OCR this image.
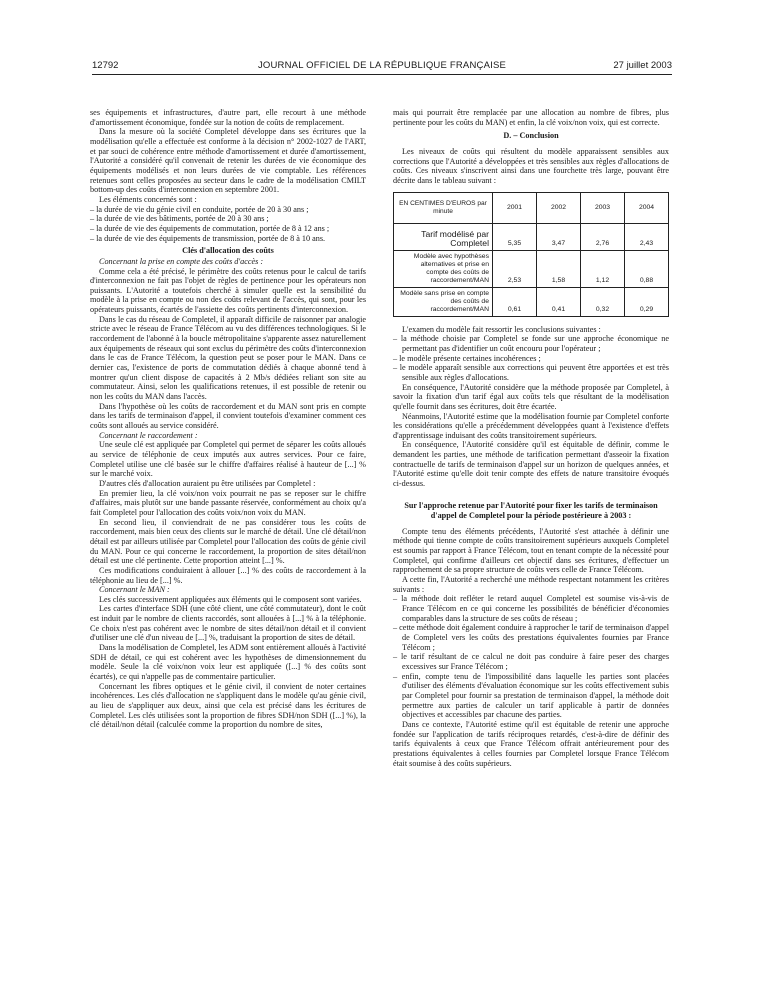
12792	JOURNAL OFFICIEL DE LA RÉPUBLIQUE FRANÇAISE	27 juillet 2003

ses équipements et infrastructures, d'autre part, elle recourt à une méthode d'amortissement économique, fondée sur la notion de coûts de remplacement.

Dans la mesure où la société Completel développe dans ses écritures que la modélisation qu'elle a effectuée est conforme à la décision n° 2002-1027 de l'ART, et par souci de cohérence entre méthode d'amortissement et durée d'amortissement, l'Autorité a considéré qu'il convenait de retenir les durées de vie économique des équipements modélisés et non leurs durées de vie comptable. Les références retenues sont celles proposées au secteur dans le cadre de la modélisation CMILT bottom-up des coûts d'interconnexion en septembre 2001.

Les éléments concernés sont :

– la durée de vie du génie civil en conduite, portée de 20 à 30 ans ;
– la durée de vie des bâtiments, portée de 20 à 30 ans ;
– la durée de vie des équipements de commutation, portée de 8 à 12 ans ;
– la durée de vie des équipements de transmission, portée de 8 à 10 ans.
Clés d'allocation des coûts

Concernant la prise en compte des coûts d'accès :

Comme cela a été précisé, le périmètre des coûts retenus pour le calcul de tarifs d'interconnexion ne fait pas l'objet de règles de pertinence pour les opérateurs non puissants. L'Autorité a toutefois cherché à simuler quelle est la sensibilité du modèle à la prise en compte ou non des coûts relevant de l'accès, qui sont, pour les opérateurs puissants, écartés de l'assiette des coûts pertinents d'interconnexion.

Dans le cas du réseau de Completel, il apparaît difficile de raisonner par analogie stricte avec le réseau de France Télécom au vu des différences technologiques. Si le raccordement de l'abonné à la boucle métropolitaine s'apparente assez naturellement aux équipements de réseaux qui sont exclus du périmètre des coûts d'interconnexion dans le cas de France Télécom, la question peut se poser pour le MAN. Dans ce dernier cas, l'existence de ports de commutation dédiés à chaque abonné tend à montrer qu'un client dispose de capacités à 2 Mb/s dédiées reliant son site au commutateur. Ainsi, selon les qualifications retenues, il est possible de retenir ou non les coûts du MAN dans l'accès.

Dans l'hypothèse où les coûts de raccordement et du MAN sont pris en compte dans les tarifs de terminaison d'appel, il convient toutefois d'examiner comment ces coûts sont alloués au service considéré.

Concernant le raccordement :

Une seule clé est appliquée par Completel qui permet de séparer les coûts alloués au service de téléphonie de ceux imputés aux autres services. Pour ce faire, Completel utilise une clé basée sur le chiffre d'affaires réalisé à hauteur de [...] % sur le marché voix.

D'autres clés d'allocation auraient pu être utilisées par Completel :

En premier lieu, la clé voix/non voix pourrait ne pas se reposer sur le chiffre d'affaires, mais plutôt sur une bande passante réservée, conformément au choix qu'a fait Completel pour l'allocation des coûts voix/non voix du MAN.

En second lieu, il conviendrait de ne pas considérer tous les coûts de raccordement, mais bien ceux des clients sur le marché de détail. Une clé détail/non détail est par ailleurs utilisée par Completel pour l'allocation des coûts de génie civil du MAN. Pour ce qui concerne le raccordement, la proportion de sites détail/non détail est une clé pertinente. Cette proportion atteint [...] %.

Ces modifications conduiraient à allouer [...] % des coûts de raccordement à la téléphonie au lieu de [...] %.

Concernant le MAN :

Les clés successivement appliquées aux éléments qui le composent sont variées.

Les cartes d'interface SDH (une côté client, une côté commutateur), dont le coût est induit par le nombre de clients raccordés, sont allouées à [...] % à la téléphonie. Ce choix n'est pas cohérent avec le nombre de sites détail/non détail et il convient d'utiliser une clé d'un niveau de [...] %, traduisant la proportion de sites de détail.

Dans la modélisation de Completel, les ADM sont entièrement alloués à l'activité SDH de détail, ce qui est cohérent avec les hypothèses de dimensionnement du modèle. Seule la clé voix/non voix leur est appliquée ([...] % des coûts sont écartés), ce qui n'appelle pas de commentaire particulier.

Concernant les fibres optiques et le génie civil, il convient de noter certaines incohérences. Les clés d'allocation ne s'appliquent dans le modèle qu'au génie civil, au lieu de s'appliquer aux deux, ainsi que cela est précisé dans les écritures de Completel. Les clés utilisées sont la proportion de fibres SDH/non SDH ([...] %), la clé détail/non détail (calculée comme la proportion du nombre de sites,

mais qui pourrait être remplacée par une allocation au nombre de fibres, plus pertinente pour les coûts du MAN) et enfin, la clé voix/non voix, qui est correcte.

D. – Conclusion

Les niveaux de coûts qui résultent du modèle apparaissent sensibles aux corrections que l'Autorité a développées et très sensibles aux règles d'allocations de coûts. Ces niveaux s'inscrivent ainsi dans une fourchette très large, pouvant être décrite dans le tableau suivant :

EN CENTIMES D'EUROS par minute	2001	2002	2003	2004
Tarif modélisé par Completel	5,35	3,47	2,76	2,43
Modèle avec hypothèses alternatives et prise en compte des coûts de raccordement/MAN	2,53	1,58	1,12	0,88
Modèle sans prise en compte des coûts de raccordement/MAN	0,61	0,41	0,32	0,29

L'examen du modèle fait ressortir les conclusions suivantes :

– la méthode choisie par Completel se fonde sur une approche économique ne permettant pas d'identifier un coût encouru pour l'opérateur ;
– le modèle présente certaines incohérences ;
– le modèle apparaît sensible aux corrections qui peuvent être apportées et est très sensible aux règles d'allocations.

En conséquence, l'Autorité considère que la méthode proposée par Completel, à savoir la fixation d'un tarif égal aux coûts tels que résultant de la modélisation qu'elle fournit dans ses écritures, doit être écartée.

Néanmoins, l'Autorité estime que la modélisation fournie par Completel conforte les considérations qu'elle a précédemment développées quant à l'existence d'effets d'apprentissage induisant des coûts transitoirement supérieurs.

En conséquence, l'Autorité considère qu'il est équitable de définir, comme le demandent les parties, une méthode de tarification permettant d'asseoir la fixation contractuelle de tarifs de terminaison d'appel sur un horizon de quelques années, et l'Autorité estime qu'elle doit tenir compte des effets de nature transitoire évoqués ci-dessus.

Sur l'approche retenue par l'Autorité pour fixer les tarifs de terminaison d'appel de Completel pour la période postérieure à 2003 :

Compte tenu des éléments précédents, l'Autorité s'est attachée à définir une méthode qui tienne compte de coûts transitoirement supérieurs auxquels Completel est soumis par rapport à France Télécom, tout en tenant compte de la nécessité pour Completel, qui confirme d'ailleurs cet objectif dans ses écritures, d'effectuer un rapprochement de sa propre structure de coûts vers celle de France Télécom.

A cette fin, l'Autorité a recherché une méthode respectant notamment les critères suivants :

– la méthode doit refléter le retard auquel Completel est soumise vis-à-vis de France Télécom en ce qui concerne les possibilités de bénéficier d'économies comparables dans la structure de ses coûts de réseau ;
– cette méthode doit également conduire à rapprocher le tarif de terminaison d'appel de Completel vers les coûts des prestations équivalentes fournies par France Télécom ;
– le tarif résultant de ce calcul ne doit pas conduire à faire peser des charges excessives sur France Télécom ;
– enfin, compte tenu de l'impossibilité dans laquelle les parties sont placées d'utiliser des éléments d'évaluation économique sur les coûts effectivement subis par Completel pour fournir sa prestation de terminaison d'appel, la méthode doit permettre aux parties de calculer un tarif applicable à partir de données objectives et accessibles par chacune des parties.

Dans ce contexte, l'Autorité estime qu'il est équitable de retenir une approche fondée sur l'application de tarifs réciproques retardés, c'est-à-dire de définir des tarifs équivalents à ceux que France Télécom offrait antérieurement pour des prestations équivalentes à celles fournies par Completel lorsque France Télécom était soumise à des coûts supérieurs.
